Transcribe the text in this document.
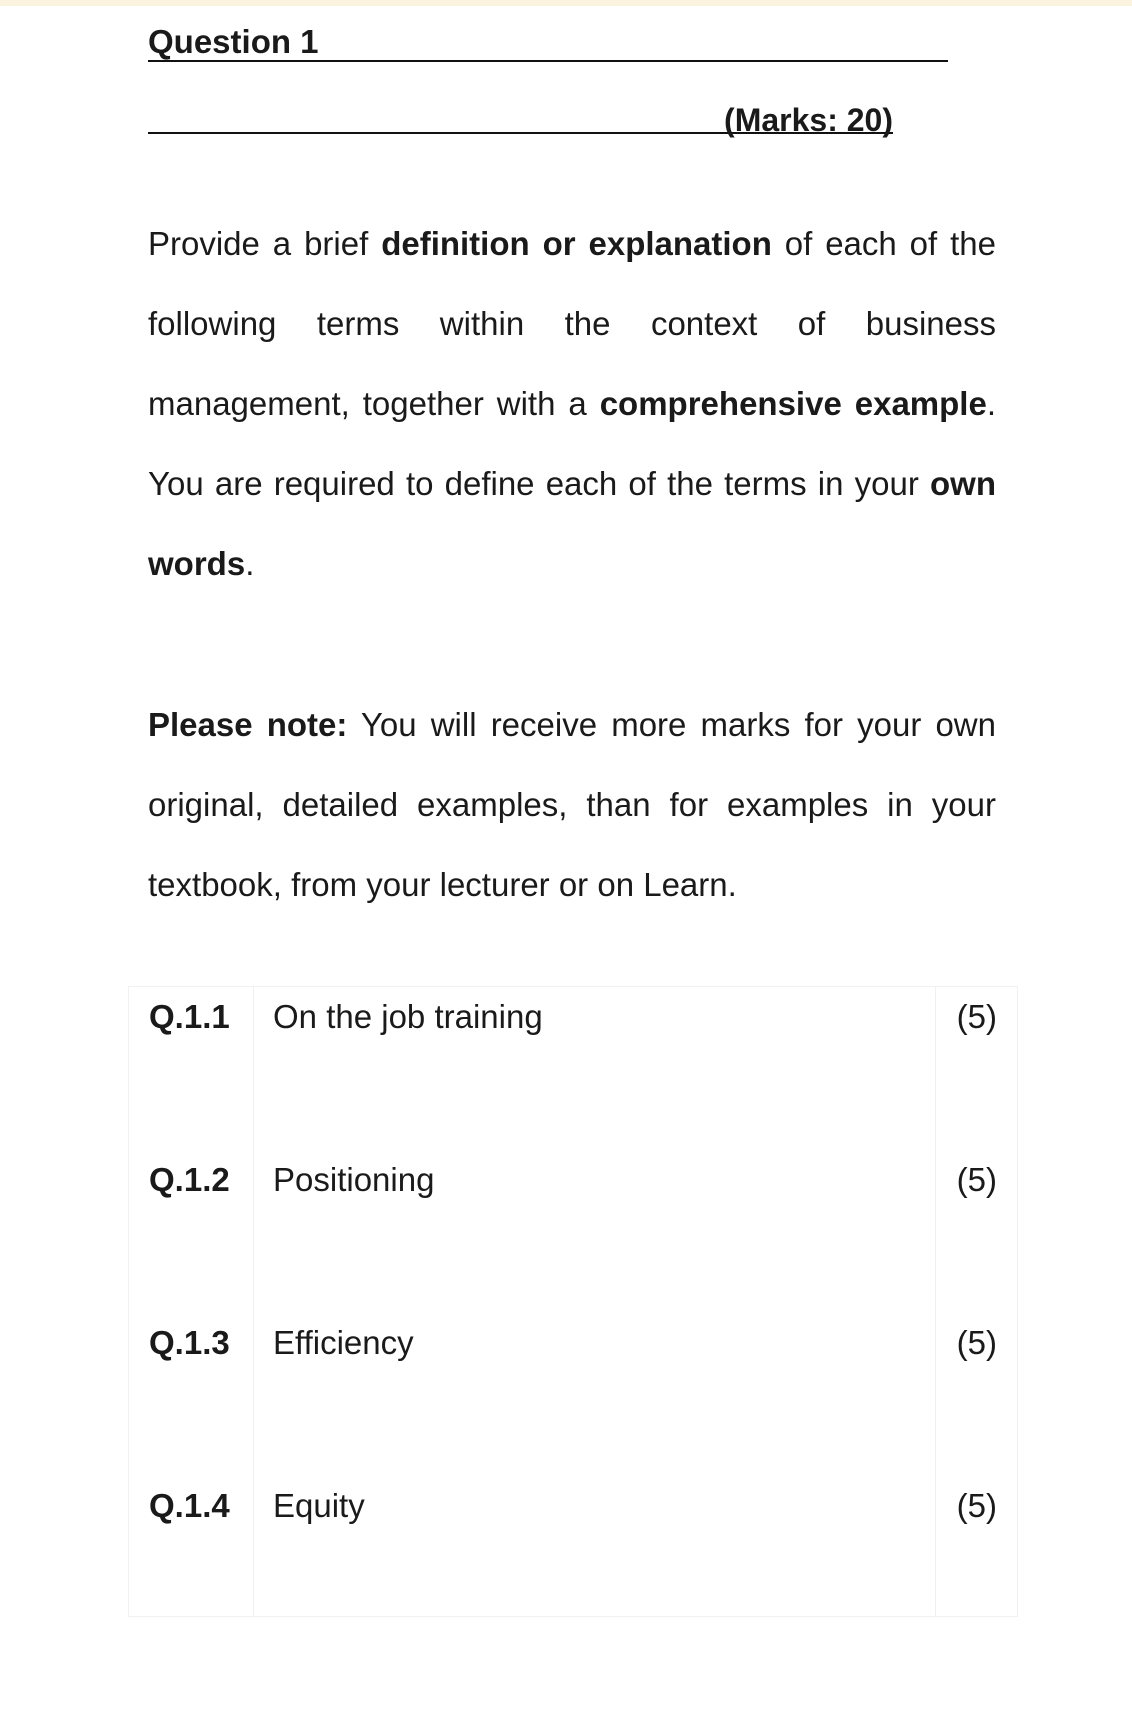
Question 1
(Marks: 20)

Provide a brief definition or explanation of each of the following terms within the context of business management, together with a comprehensive example. You are required to define each of the terms in your own words.

Please note: You will receive more marks for your own original, detailed examples, than for examples in your textbook, from your lecturer or on Learn.

Q.1.1 On the job training	(5)
Q.1.2 Positioning	(5)
Q.1.3 Efficiency	(5)
Q.1.4 Equity	(5)
